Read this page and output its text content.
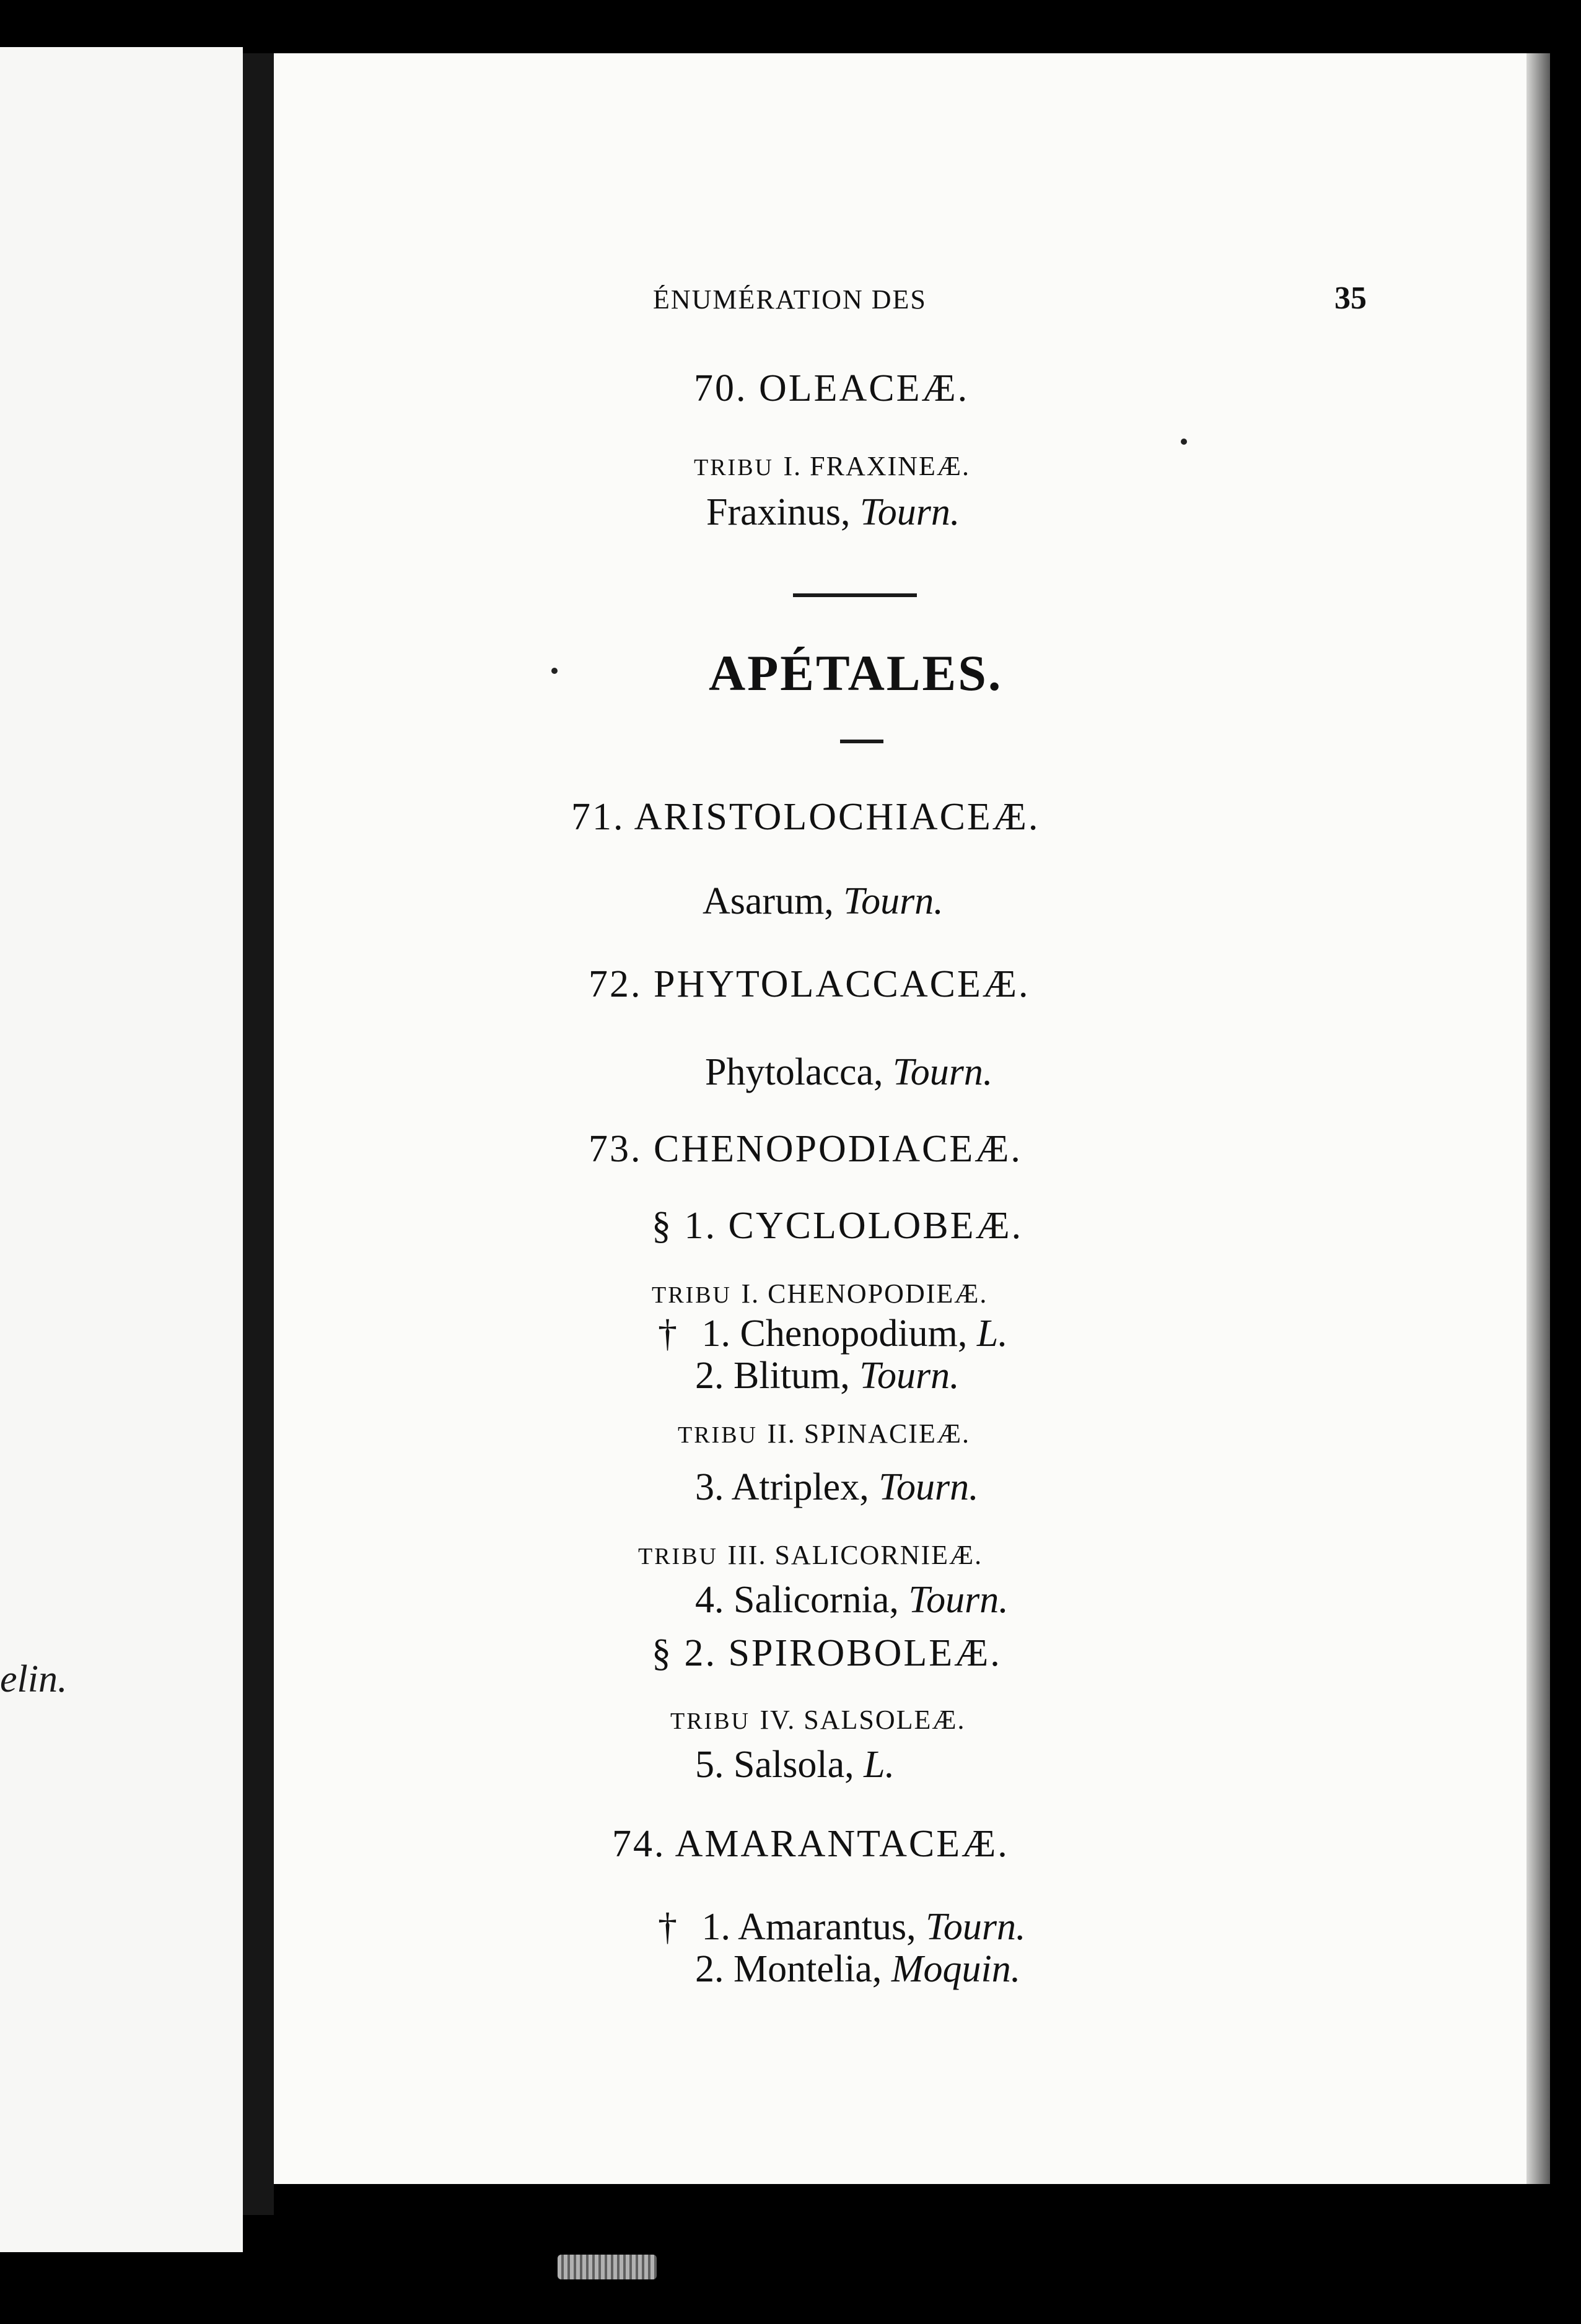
elin.
ÉNUMÉRATION DES	35
70. OLEACEÆ.
TRIBU I. FRAXINEÆ.
Fraxinus, Tourn.
APÉTALES.
71. ARISTOLOCHIACEÆ.
Asarum, Tourn.
72. PHYTOLACCACEÆ.
Phytolacca, Tourn.
73. CHENOPODIACEÆ.
§ 1. CYCLOLOBEÆ.
TRIBU I. CHENOPODIEÆ.
† 1. Chenopodium, L.
2. Blitum, Tourn.
TRIBU II. SPINACIEÆ.
3. Atriplex, Tourn.
TRIBU III. SALICORNIEÆ.
4. Salicornia, Tourn.
§ 2. SPIROBOLEÆ.
TRIBU IV. SALSOLEÆ.
5. Salsola, L.
74. AMARANTACEÆ.
† 1. Amarantus, Tourn.
2. Montelia, Moquin.
